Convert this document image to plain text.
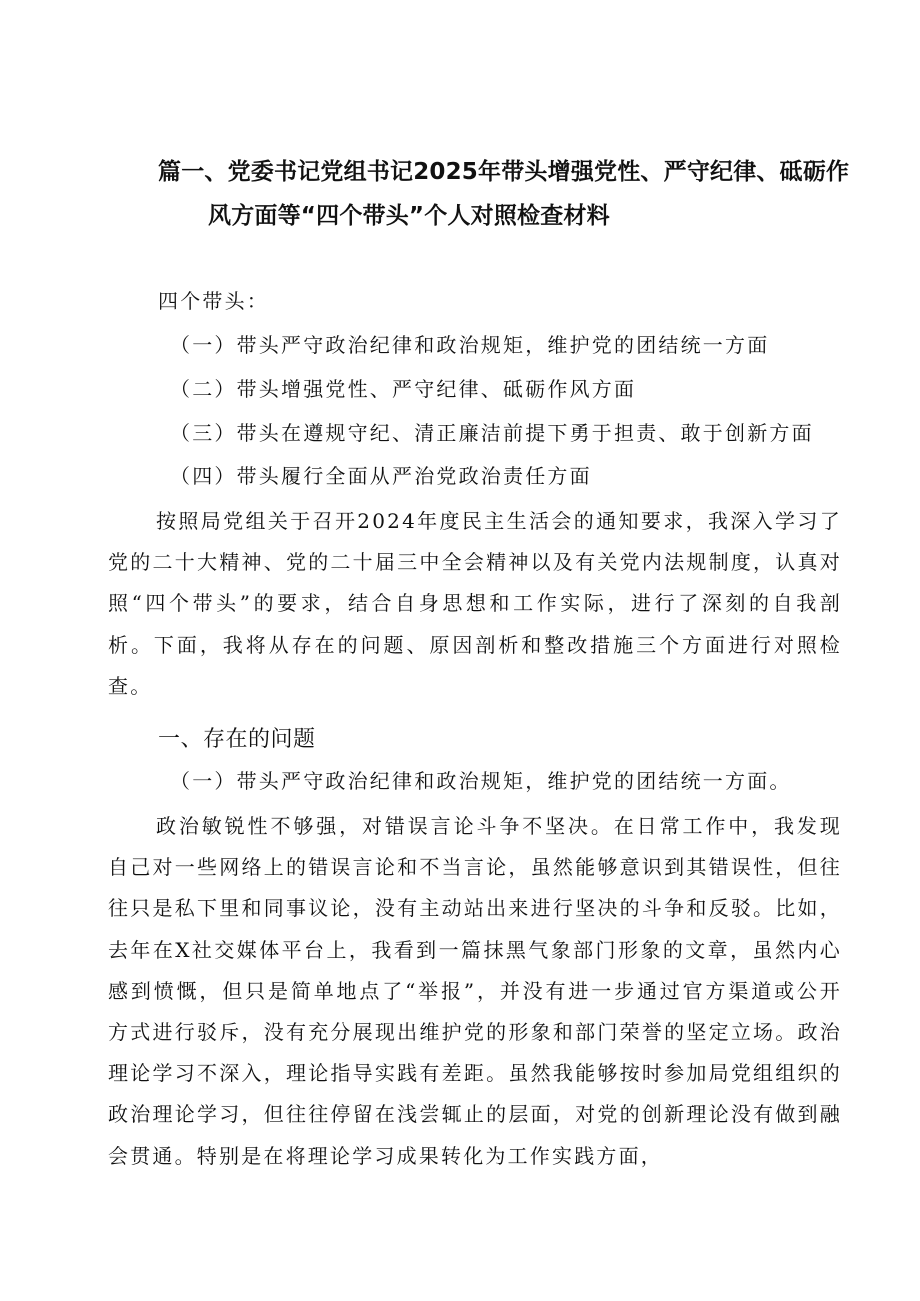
篇一、党委书记党组书记2025年带头增强党性、严守纪律、砥砺作
风方面等“四个带头”个人对照检查材料
四个带头：
（一）带头严守政治纪律和政治规矩，维护党的团结统一方面
（二）带头增强党性、严守纪律、砥砺作风方面
（三）带头在遵规守纪、清正廉洁前提下勇于担责、敢于创新方面
（四）带头履行全面从严治党政治责任方面

按照局党组关于召开2024年度民主生活会的通知要求，我深入学习了党的二十大精神、党的二十届三中全会精神以及有关党内法规制度，认真对照“四个带头”的要求，结合自身思想和工作实际，进行了深刻的自我剖析。下面，我将从存在的问题、原因剖析和整改措施三个方面进行对照检查。

一、存在的问题
（一）带头严守政治纪律和政治规矩，维护党的团结统一方面。

政治敏锐性不够强，对错误言论斗争不坚决。在日常工作中，我发现自己对一些网络上的错误言论和不当言论，虽然能够意识到其错误性，但往往只是私下里和同事议论，没有主动站出来进行坚决的斗争和反驳。比如，去年在X社交媒体平台上，我看到一篇抹黑气象部门形象的文章，虽然内心感到愤慨，但只是简单地点了“举报”，并没有进一步通过官方渠道或公开方式进行驳斥，没有充分展现出维护党的形象和部门荣誉的坚定立场。政治理论学习不深入，理论指导实践有差距。虽然我能够按时参加局党组组织的政治理论学习，但往往停留在浅尝辄止的层面，对党的创新理论没有做到融会贯通。特别是在将理论学习成果转化为工作实践方面，
